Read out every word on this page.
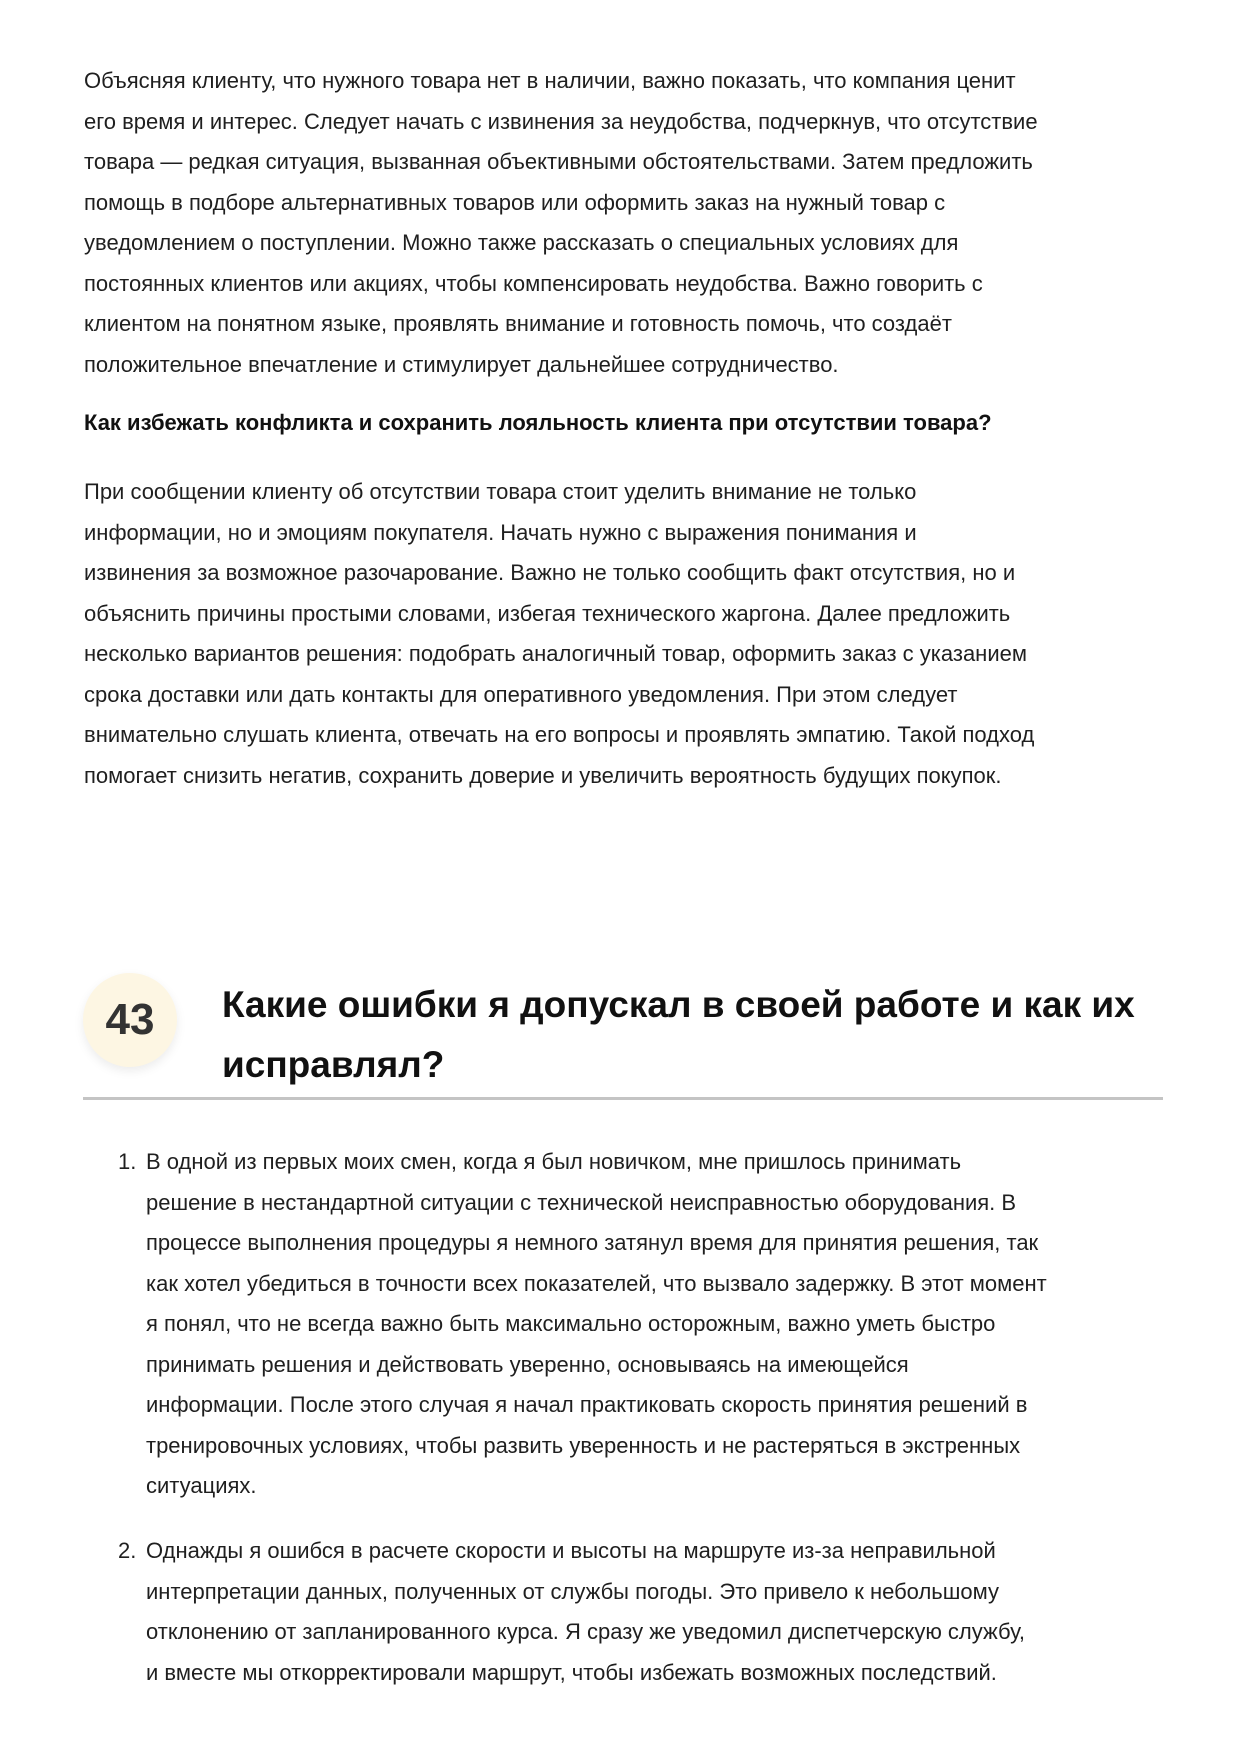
Объясняя клиенту, что нужного товара нет в наличии, важно показать, что компания ценит
его время и интерес. Следует начать с извинения за неудобства, подчеркнув, что отсутствие
товара — редкая ситуация, вызванная объективными обстоятельствами. Затем предложить
помощь в подборе альтернативных товаров или оформить заказ на нужный товар с
уведомлением о поступлении. Можно также рассказать о специальных условиях для
постоянных клиентов или акциях, чтобы компенсировать неудобства. Важно говорить с
клиентом на понятном языке, проявлять внимание и готовность помочь, что создаёт
положительное впечатление и стимулирует дальнейшее сотрудничество.
Как избежать конфликта и сохранить лояльность клиента при отсутствии товара?
При сообщении клиенту об отсутствии товара стоит уделить внимание не только
информации, но и эмоциям покупателя. Начать нужно с выражения понимания и
извинения за возможное разочарование. Важно не только сообщить факт отсутствия, но и
объяснить причины простыми словами, избегая технического жаргона. Далее предложить
несколько вариантов решения: подобрать аналогичный товар, оформить заказ с указанием
срока доставки или дать контакты для оперативного уведомления. При этом следует
внимательно слушать клиента, отвечать на его вопросы и проявлять эмпатию. Такой подход
помогает снизить негатив, сохранить доверие и увеличить вероятность будущих покупок.
43	Какие ошибки я допускал в своей работе и как их
исправлял?
1. В одной из первых моих смен, когда я был новичком, мне пришлось принимать
решение в нестандартной ситуации с технической неисправностью оборудования. В
процессе выполнения процедуры я немного затянул время для принятия решения, так
как хотел убедиться в точности всех показателей, что вызвало задержку. В этот момент
я понял, что не всегда важно быть максимально осторожным, важно уметь быстро
принимать решения и действовать уверенно, основываясь на имеющейся
информации. После этого случая я начал практиковать скорость принятия решений в
тренировочных условиях, чтобы развить уверенность и не растеряться в экстренных
ситуациях.
2. Однажды я ошибся в расчете скорости и высоты на маршруте из-за неправильной
интерпретации данных, полученных от службы погоды. Это привело к небольшому
отклонению от запланированного курса. Я сразу же уведомил диспетчерскую службу,
и вместе мы откорректировали маршрут, чтобы избежать возможных последствий.
